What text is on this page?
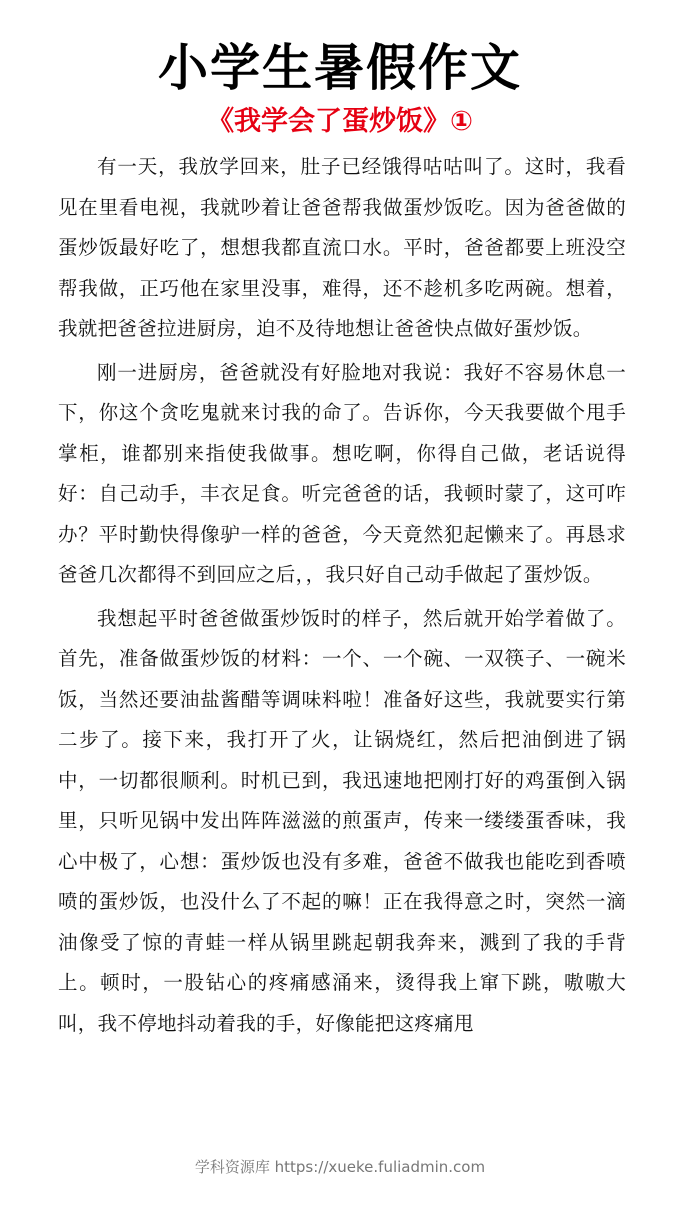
小学生暑假作文
《我学会了蛋炒饭》①

有一天，我放学回来，肚子已经饿得咕咕叫了。这时，我看见在里看电视，我就吵着让爸爸帮我做蛋炒饭吃。因为爸爸做的蛋炒饭最好吃了，想想我都直流口水。平时，爸爸都要上班没空帮我做，正巧他在家里没事，难得，还不趁机多吃两碗。想着，我就把爸爸拉进厨房，迫不及待地想让爸爸快点做好蛋炒饭。

刚一进厨房，爸爸就没有好脸地对我说：我好不容易休息一下，你这个贪吃鬼就来讨我的命了。告诉你，今天我要做个甩手掌柜，谁都别来指使我做事。想吃啊，你得自己做，老话说得好：自己动手，丰衣足食。听完爸爸的话，我顿时蒙了，这可咋办？平时勤快得像驴一样的爸爸，今天竟然犯起懒来了。再恳求爸爸几次都得不到回应之后，，我只好自己动手做起了蛋炒饭。

我想起平时爸爸做蛋炒饭时的样子，然后就开始学着做了。首先，准备做蛋炒饭的材料：一个、一个碗、一双筷子、一碗米饭，当然还要油盐酱醋等调味料啦！准备好这些，我就要实行第二步了。接下来，我打开了火，让锅烧红，然后把油倒进了锅中，一切都很顺利。时机已到，我迅速地把刚打好的鸡蛋倒入锅里，只听见锅中发出阵阵滋滋的煎蛋声，传来一缕缕蛋香味，我心中极了，心想：蛋炒饭也没有多难，爸爸不做我也能吃到香喷喷的蛋炒饭，也没什么了不起的嘛！正在我得意之时，突然一滴油像受了惊的青蛙一样从锅里跳起朝我奔来，溅到了我的手背上。顿时，一股钻心的疼痛感涌来，烫得我上窜下跳，嗷嗷大叫，我不停地抖动着我的手，好像能把这疼痛甩

学科资源库 https://xueke.fuliadmin.com
